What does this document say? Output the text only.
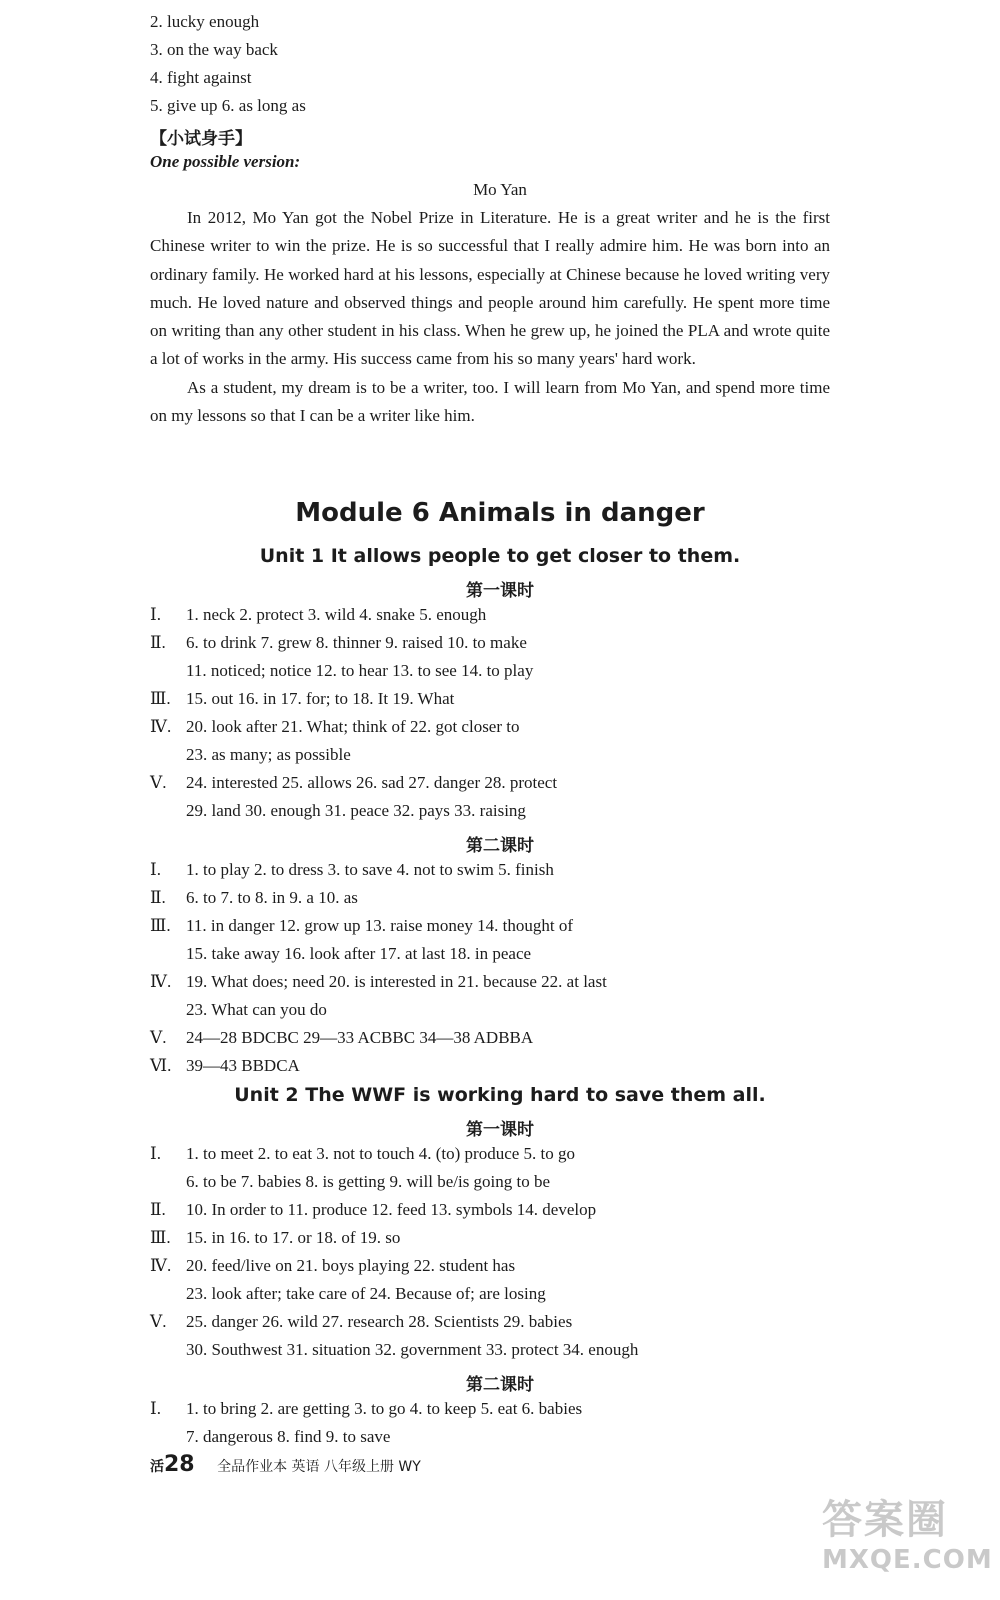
2. lucky enough
3. on the way back
4. fight against
5. give up 6. as long as
【小试身手】
One possible version:
Mo Yan

In 2012, Mo Yan got the Nobel Prize in Literature. He is a great writer and he is the first Chinese writer to win the prize. He is so successful that I really admire him. He was born into an ordinary family. He worked hard at his lessons, especially at Chinese because he loved writing very much. He loved nature and observed things and people around him carefully. He spent more time on writing than any other student in his class. When he grew up, he joined the PLA and wrote quite a lot of works in the army. His success came from his so many years' hard work.

As a student, my dream is to be a writer, too. I will learn from Mo Yan, and spend more time on my lessons so that I can be a writer like him.

Module 6 Animals in danger
Unit 1 It allows people to get closer to them.
第一课时
Ⅰ. 1. neck 2. protect 3. wild 4. snake 5. enough
Ⅱ. 6. to drink 7. grew 8. thinner 9. raised 10. to make
11. noticed; notice 12. to hear 13. to see 14. to play
Ⅲ. 15. out 16. in 17. for; to 18. It 19. What
Ⅳ. 20. look after 21. What; think of 22. got closer to
23. as many; as possible
Ⅴ. 24. interested 25. allows 26. sad 27. danger 28. protect
29. land 30. enough 31. peace 32. pays 33. raising
第二课时
Ⅰ. 1. to play 2. to dress 3. to save 4. not to swim 5. finish
Ⅱ. 6. to 7. to 8. in 9. a 10. as
Ⅲ. 11. in danger 12. grow up 13. raise money 14. thought of
15. take away 16. look after 17. at last 18. in peace
Ⅳ. 19. What does; need 20. is interested in 21. because 22. at last
23. What can you do
Ⅴ. 24—28 BDCBC 29—33 ACBBC 34—38 ADBBA
Ⅵ. 39—43 BBDCA
Unit 2 The WWF is working hard to save them all.
第一课时
Ⅰ. 1. to meet 2. to eat 3. not to touch 4. (to) produce 5. to go
6. to be 7. babies 8. is getting 9. will be/is going to be
Ⅱ. 10. In order to 11. produce 12. feed 13. symbols 14. develop
Ⅲ. 15. in 16. to 17. or 18. of 19. so
Ⅳ. 20. feed/live on 21. boys playing 22. student has
23. look after; take care of 24. Because of; are losing
Ⅴ. 25. danger 26. wild 27. research 28. Scientists 29. babies
30. Southwest 31. situation 32. government 33. protect 34. enough
第二课时
Ⅰ. 1. to bring 2. are getting 3. to go 4. to keep 5. eat 6. babies
7. dangerous 8. find 9. to save
活28 全品作业本 英语 八年级上册 WY
答案圈
MXQE.COM
